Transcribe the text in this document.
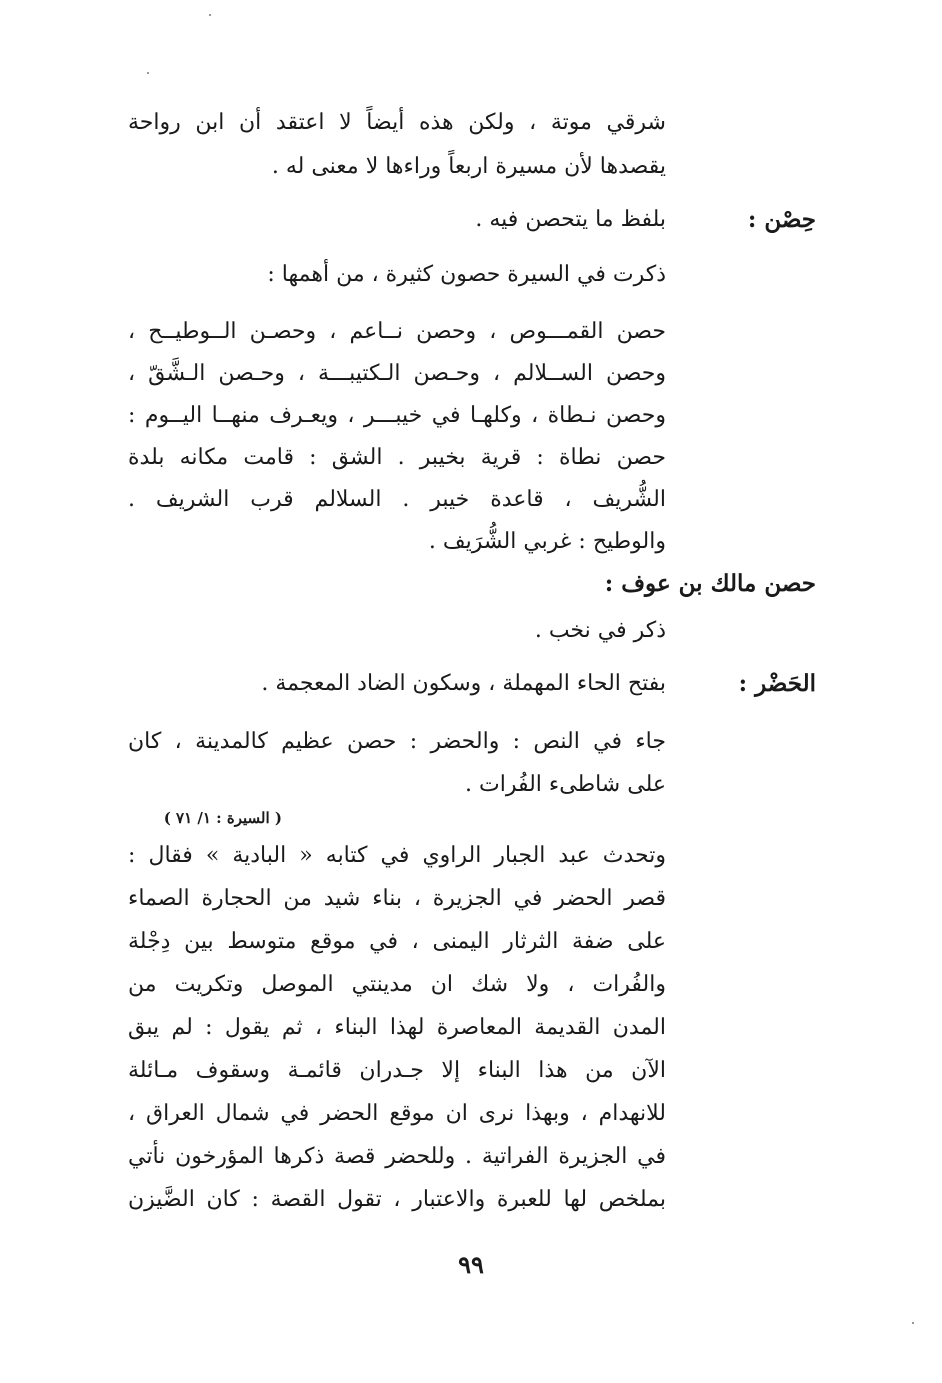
شرقي موتة ، ولكن هذه أيضاً لا اعتقد أن ابن رواحة
يقصدها لأن مسيرة اربعاً وراءها لا معنى له .
حِصْن :
بلفظ ما يتحصن فيه .
ذكرت في السيرة حصون كثيرة ، من أهمها :
حصن القمـــوص ، وحصن نــاعم ، وحصـن الــوطيــح ،
وحصن الســلالم ، وحـصن الـكتيبـــة ، وحـصن الـشَّقّ ،
وحصن نـطاة ، وكلهـا في خيبـــر ، ويعـرف منهــا اليــوم :
حصن نطاة : قرية بخيبر . الشق : قامت مكانه بلدة
الشُّريف ، قاعدة خيبر . السلالم قرب الشريف .
والوطيح : غربي الشُّرَيف .
حصن مالك بن عوف :
ذكر في نخب .
الحَضْر :
بفتح الحاء المهملة ، وسكون الضاد المعجمة .
جاء في النص : والحضر : حصن عظيم كالمدينة ، كان
على شاطىء الفُرات .
( السيرة : ١/ ٧١ )
وتحدث عبد الجبار الراوي في كتابه « البادية » فقال :
قصر الحضر في الجزيرة ، بناء شيد من الحجارة الصماء
على ضفة الثرثار اليمنى ، في موقع متوسط بين دِجْلة
والفُرات ، ولا شك ان مدينتي الموصل وتكريت من
المدن القديمة المعاصرة لهذا البناء ، ثم يقول : لم يبق
الآن من هذا البناء إلا جـدران قائمـة وسقوف مـائلة
للانهدام ، وبهذا نرى ان موقع الحضر في شمال العراق ،
في الجزيرة الفراتية . وللحضر قصة ذكرها المؤرخون نأتي
بملخص لها للعبرة والاعتبار ، تقول القصة : كان الضَّيزن
٩٩
